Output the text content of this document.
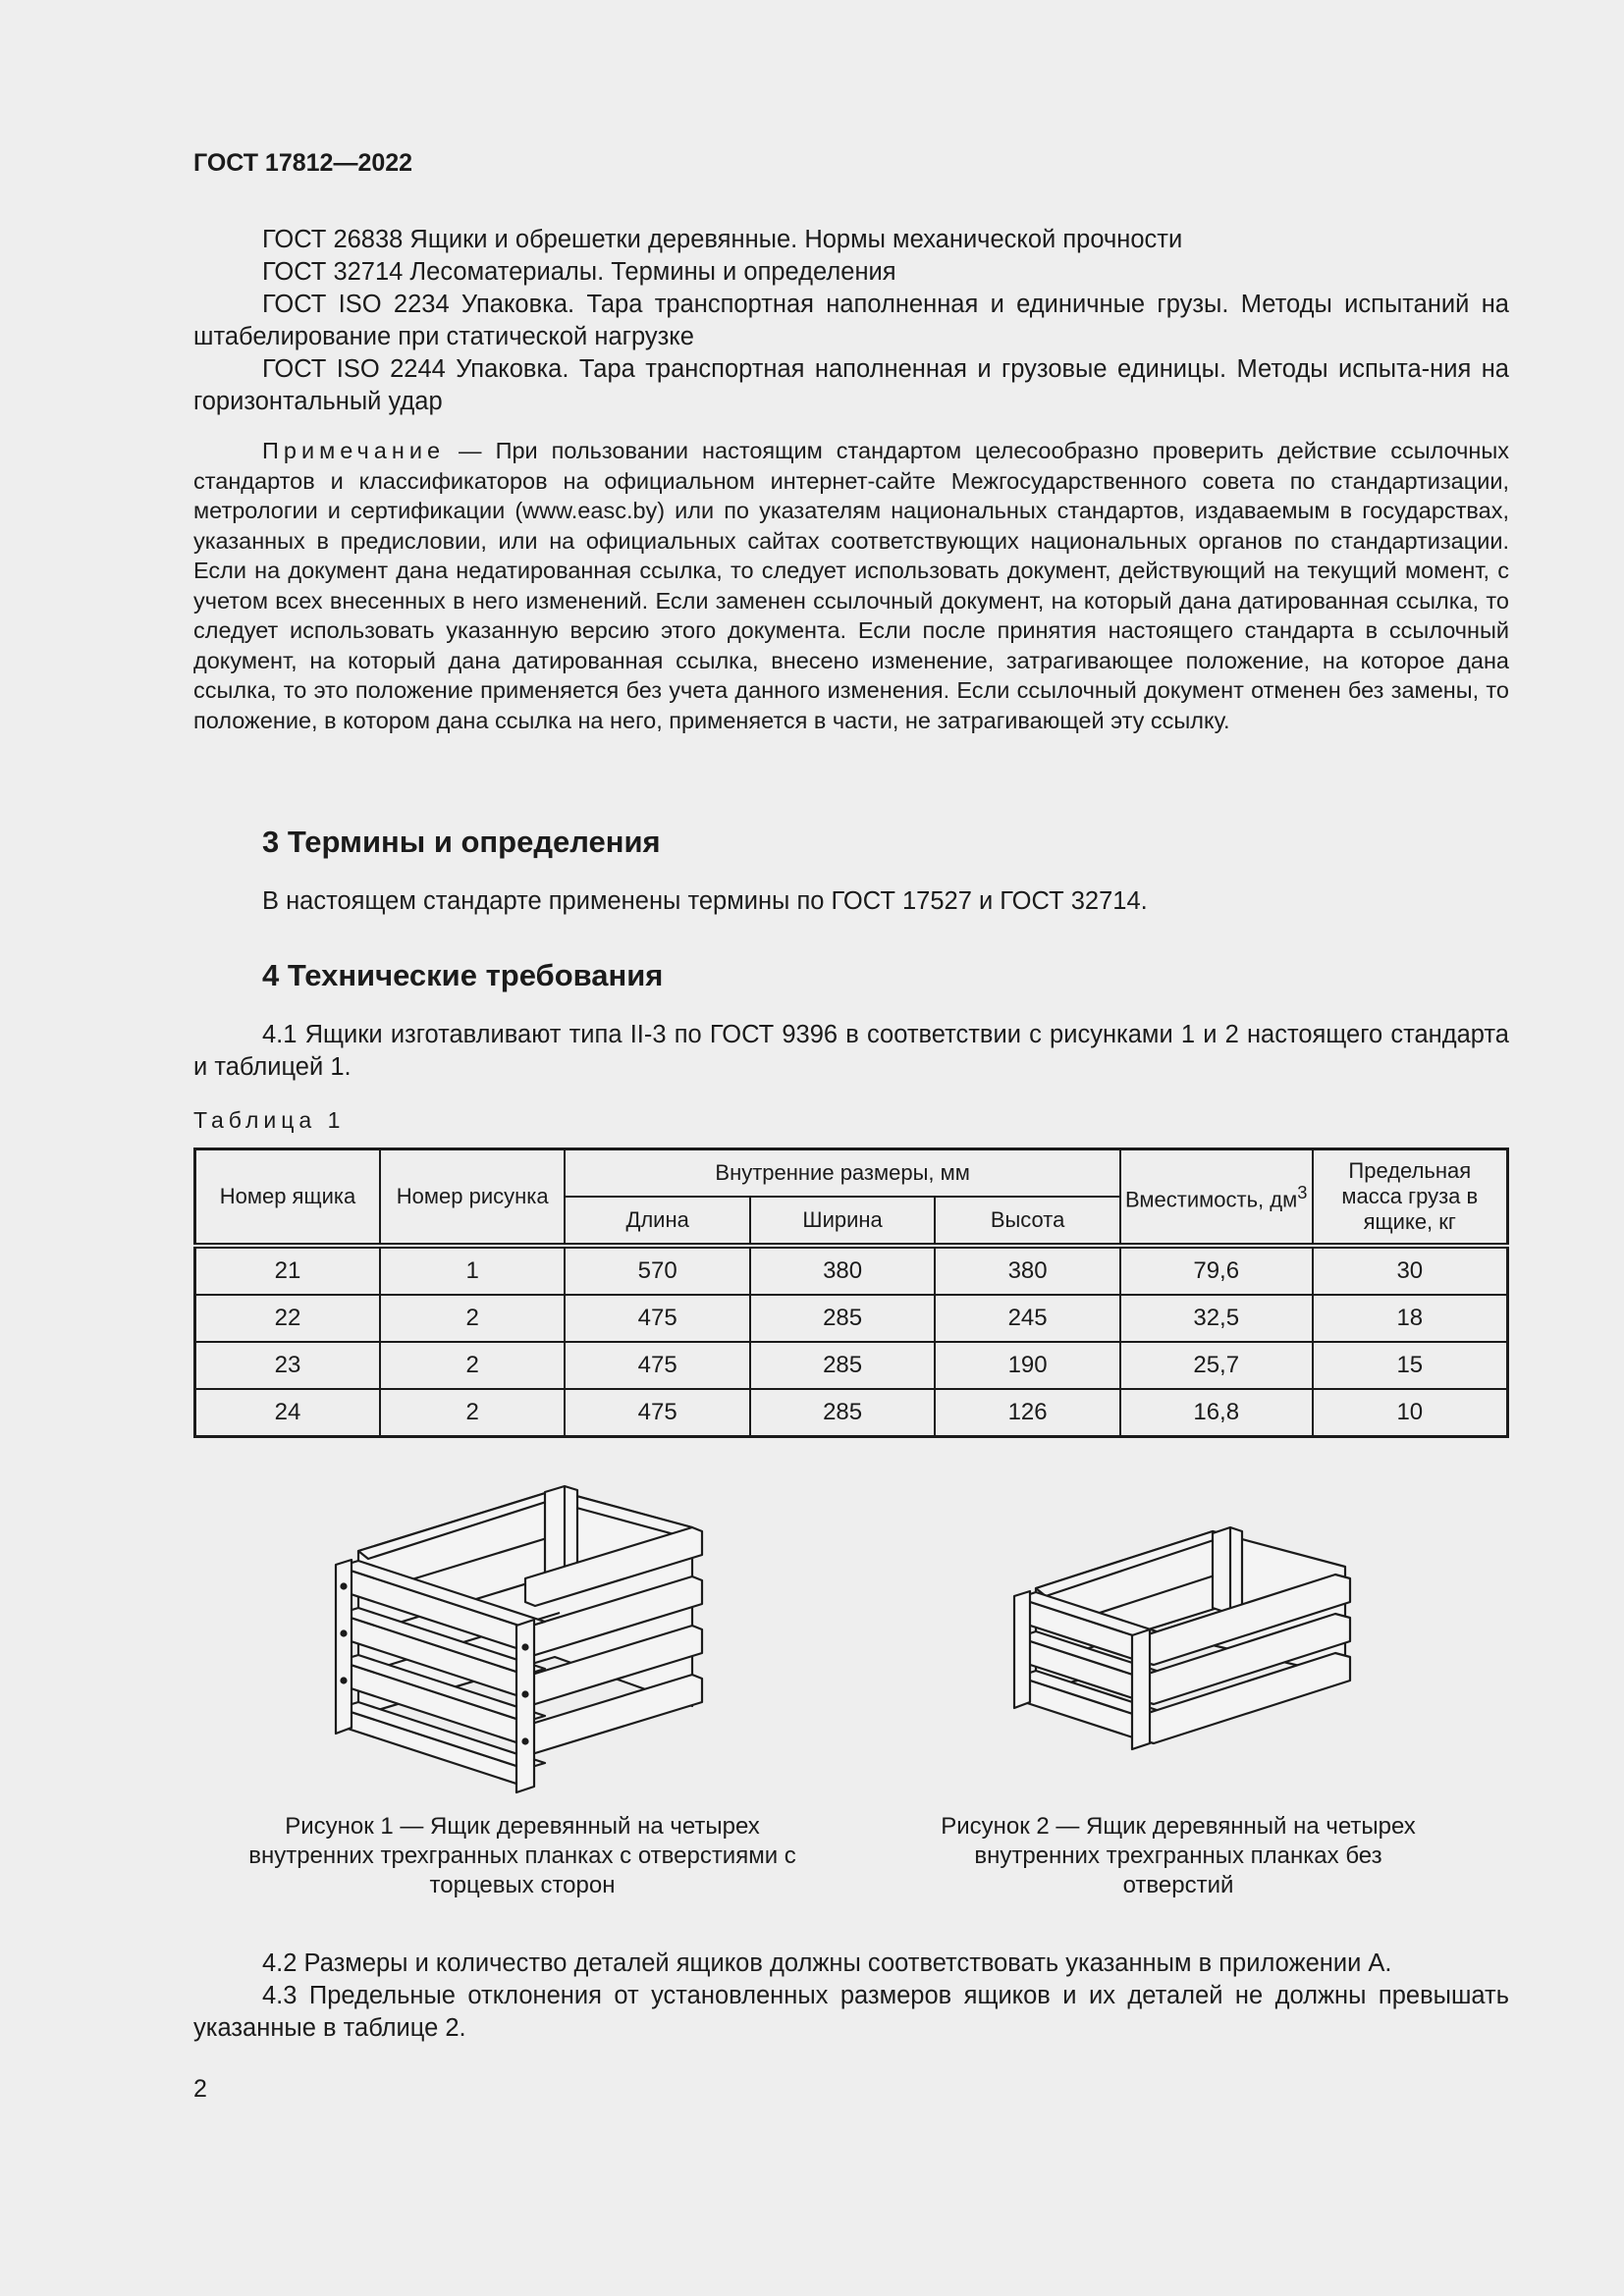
ГОСТ 17812—2022

ГОСТ 26838 Ящики и обрешетки деревянные. Нормы механической прочности

ГОСТ 32714 Лесоматериалы. Термины и определения

ГОСТ ISO 2234 Упаковка. Тара транспортная наполненная и единичные грузы. Методы испытаний на штабелирование при статической нагрузке

ГОСТ ISO 2244 Упаковка. Тара транспортная наполненная и грузовые единицы. Методы испыта-ния на горизонтальный удар

Примечание — При пользовании настоящим стандартом целесообразно проверить действие ссылочных стандартов и классификаторов на официальном интернет-сайте Межгосударственного совета по стандартизации, метрологии и сертификации (www.easc.by) или по указателям национальных стандартов, издаваемым в государствах, указанных в предисловии, или на официальных сайтах соответствующих национальных органов по стандартизации. Если на документ дана недатированная ссылка, то следует использовать документ, действующий на текущий момент, с учетом всех внесенных в него изменений. Если заменен ссылочный документ, на который дана датированная ссылка, то следует использовать указанную версию этого документа. Если после принятия настоящего стандарта в ссылочный документ, на который дана датированная ссылка, внесено изменение, затрагивающее положение, на которое дана ссылка, то это положение применяется без учета данного изменения. Если ссылочный документ отменен без замены, то положение, в котором дана ссылка на него, применяется в части, не затрагивающей эту ссылку.

3 Термины и определения

В настоящем стандарте применены термины по ГОСТ 17527 и ГОСТ 32714.

4 Технические требования

4.1 Ящики изготавливают типа II-3 по ГОСТ 9396 в соответствии с рисунками 1 и 2 настоящего стандарта и таблицей 1.

Таблица 1
Номер ящика	Номер рисунка	Внутренние размеры, мм			Вместимость, $дм^3$	Предельная масса груза в ящике, кг
		Длина	Ширина	Высота		
21	1	570	380	380	79,6	30
22	2	475	285	245	32,5	18
23	2	475	285	190	25,7	15
24	2	475	285	126	16,8	10
Рисунок 1 — Ящик деревянный на четырех внутренних трехгранных планках с отверстиями с торцевых сторон
Рисунок 2 — Ящик деревянный на четырех внутренних трехгранных планках без отверстий

4.2 Размеры и количество деталей ящиков должны соответствовать указанным в приложении А.

4.3 Предельные отклонения от установленных размеров ящиков и их деталей не должны превышать указанные в таблице 2.

2
